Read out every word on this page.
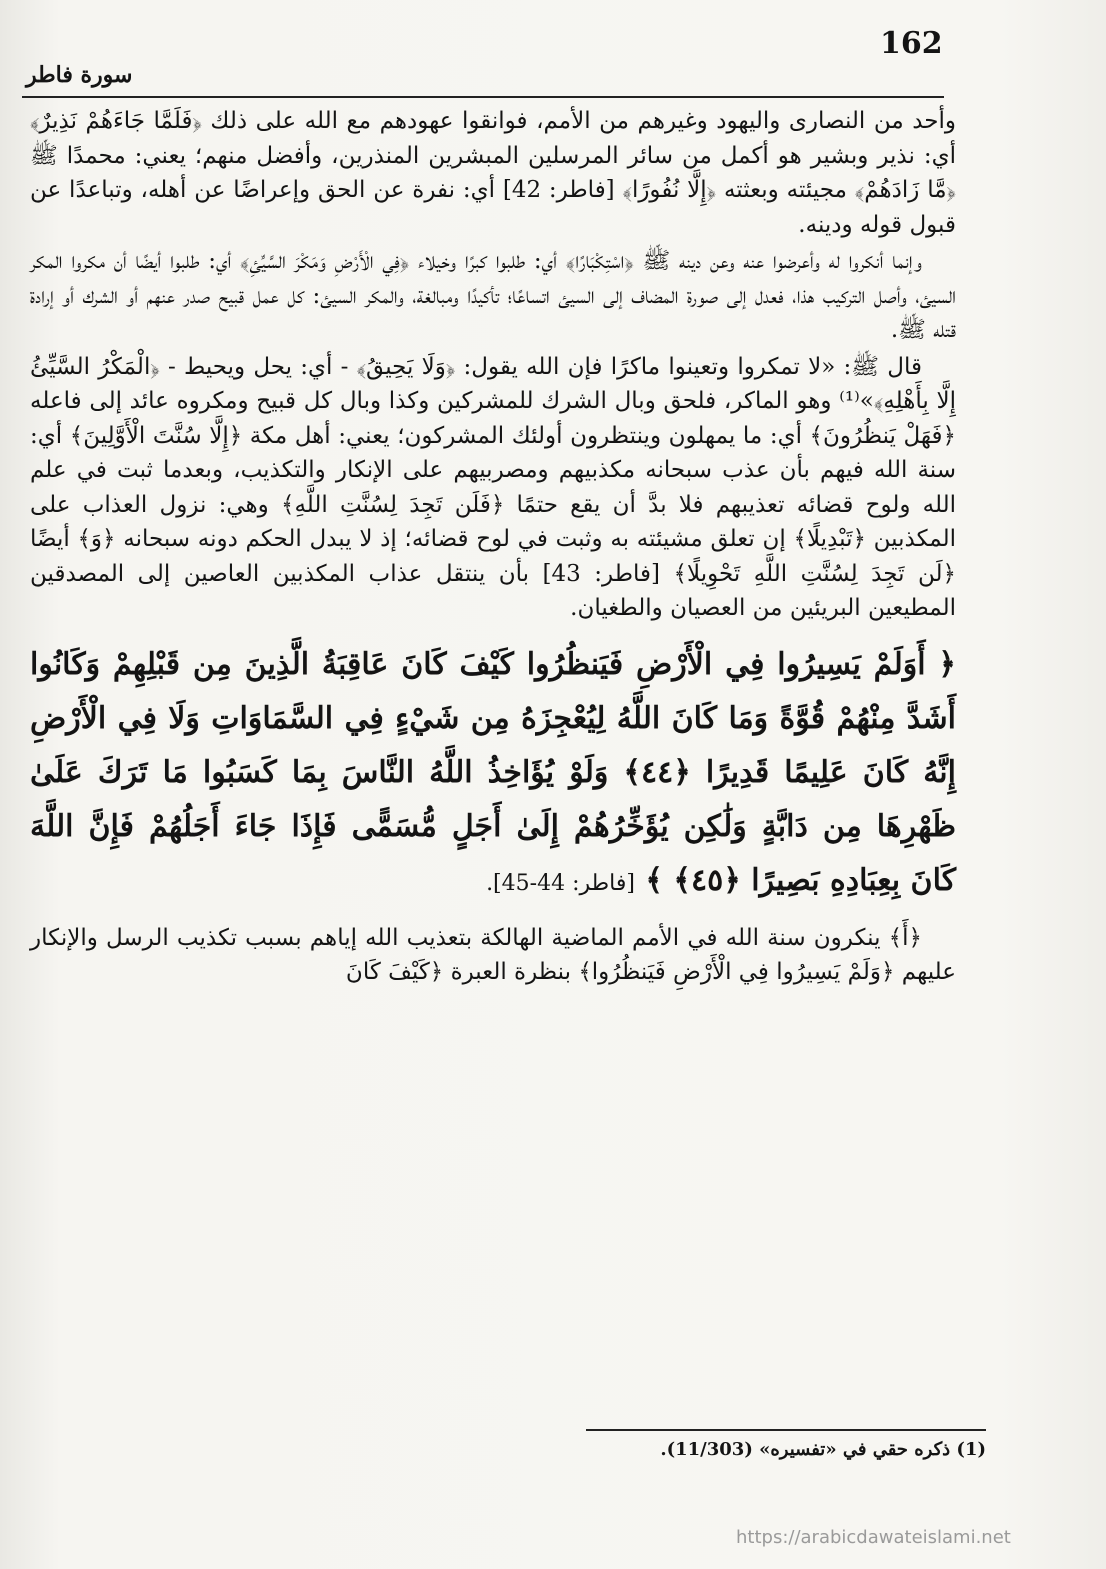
162
سورة فاطر

وأحد من النصارى واليهود وغيرهم من الأمم، فوانقوا عهودهم مع الله على ذلك ﴿فَلَمَّا جَاءَهُمْ نَذِيرٌ﴾ أي: نذير وبشير هو أكمل من سائر المرسلين المبشرين المنذرين، وأفضل منهم؛ يعني: محمدًا ﷺ ﴿مَّا زَادَهُمْ﴾ مجيئته وبعثته ﴿إِلَّا نُفُورًا﴾ [فاطر: 42] أي: نفرة عن الحق وإعراضًا عن أهله، وتباعدًا عن قبول قوله ودينه.

وإنما أنكروا له وأعرضوا عنه وعن دينه ﷺ ﴿اسْتِكْبَارًا﴾ أي: طلبوا كبرًا وخيلاء ﴿فِي الْأَرْضِ وَمَكْرَ السَّيِّئِ﴾ أي: طلبوا أيضًا أن مكروا المكر السيئ، وأصل التركيب هذا، فعدل إلى صورة المضاف إلى السيئ اتساعًا؛ تأكيدًا ومبالغة، والمكر السيئ: كل عمل قبيح صدر عنهم أو الشرك أو إرادة قتله ﷺ.

قال ﷺ: «لا تمكروا وتعينوا ماكرًا فإن الله يقول: ﴿وَلَا يَحِيقُ﴾ - أي: يحل ويحيط - ﴿الْمَكْرُ السَّيِّئُ إِلَّا بِأَهْلِهِ﴾»⁽¹⁾ وهو الماكر، فلحق وبال الشرك للمشركين وكذا وبال كل قبيح ومكروه عائد إلى فاعله ﴿فَهَلْ يَنظُرُونَ﴾ أي: ما يمهلون وينتظرون أولئك المشركون؛ يعني: أهل مكة ﴿إِلَّا سُنَّتَ الْأَوَّلِينَ﴾ أي: سنة الله فيهم بأن عذب سبحانه مكذبيهم ومصربيهم على الإنكار والتكذيب، وبعدما ثبت في علم الله ولوح قضائه تعذيبهم فلا بدَّ أن يقع حتمًا ﴿فَلَن تَجِدَ لِسُنَّتِ اللَّهِ﴾ وهي: نزول العذاب على المكذبين ﴿تَبْدِيلًا﴾ إن تعلق مشيئته به وثبت في لوح قضائه؛ إذ لا يبدل الحكم دونه سبحانه ﴿وَ﴾ أيضًا ﴿لَن تَجِدَ لِسُنَّتِ اللَّهِ تَحْوِيلًا﴾ [فاطر: 43] بأن ينتقل عذاب المكذبين العاصين إلى المصدقين المطيعين البريئين من العصيان والطغيان.

﴿ أَوَلَمْ يَسِيرُوا فِي الْأَرْضِ فَيَنظُرُوا كَيْفَ كَانَ عَاقِبَةُ الَّذِينَ مِن قَبْلِهِمْ وَكَانُوا أَشَدَّ مِنْهُمْ قُوَّةً وَمَا كَانَ اللَّهُ لِيُعْجِزَهُ مِن شَيْءٍ فِي السَّمَاوَاتِ وَلَا فِي الْأَرْضِ إِنَّهُ كَانَ عَلِيمًا قَدِيرًا ﴿٤٤﴾ وَلَوْ يُؤَاخِذُ اللَّهُ النَّاسَ بِمَا كَسَبُوا مَا تَرَكَ عَلَىٰ ظَهْرِهَا مِن دَابَّةٍ وَلَٰكِن يُؤَخِّرُهُمْ إِلَىٰ أَجَلٍ مُّسَمًّى فَإِذَا جَاءَ أَجَلُهُمْ فَإِنَّ اللَّهَ كَانَ بِعِبَادِهِ بَصِيرًا ﴿٤٥﴾ ﴾ [فاطر: 44-45].

﴿أَ﴾ ينكرون سنة الله في الأمم الماضية الهالكة بتعذيب الله إياهم بسبب تكذيب الرسل والإنكار عليهم ﴿وَلَمْ يَسِيرُوا فِي الْأَرْضِ فَيَنظُرُوا﴾ بنظرة العبرة ﴿كَيْفَ كَانَ

(1) ذكره حقي في «تفسيره» (11/303).
https://arabicdawateislami.net
